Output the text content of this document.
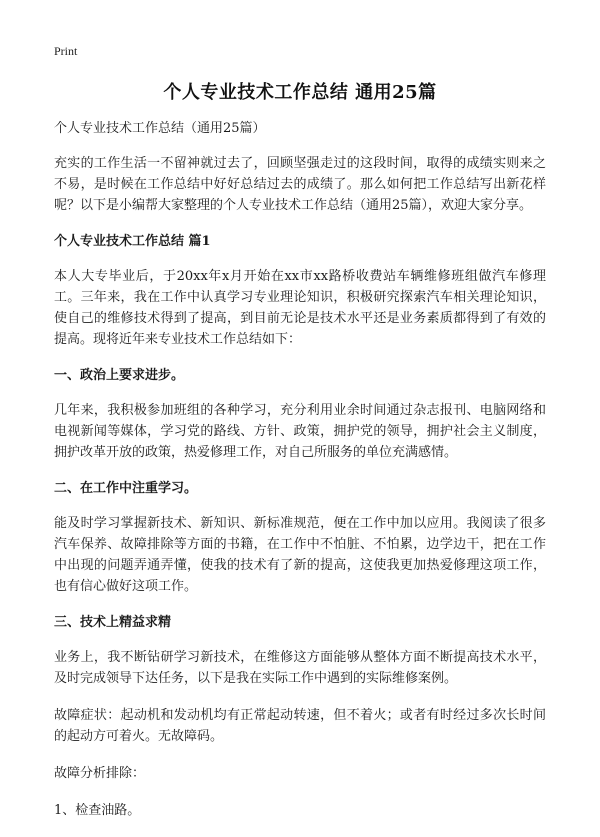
Print
个人专业技术工作总结 通用25篇

个人专业技术工作总结（通用25篇）

充实的工作生活一不留神就过去了，回顾坚强走过的这段时间，取得的成绩实则来之不易，是时候在工作总结中好好总结过去的成绩了。那么如何把工作总结写出新花样呢？以下是小编帮大家整理的个人专业技术工作总结（通用25篇），欢迎大家分享。

个人专业技术工作总结 篇1

本人大专毕业后，于20xx年x月开始在xx市xx路桥收费站车辆维修班组做汽车修理工。三年来，我在工作中认真学习专业理论知识，积极研究探索汽车相关理论知识，使自己的维修技术得到了提高，到目前无论是技术水平还是业务素质都得到了有效的提高。现将近年来专业技术工作总结如下：

一、政治上要求进步。

几年来，我积极参加班组的各种学习，充分利用业余时间通过杂志报刊、电脑网络和电视新闻等媒体，学习党的路线、方针、政策，拥护党的领导，拥护社会主义制度，拥护改革开放的政策，热爱修理工作，对自己所服务的单位充满感情。

二、在工作中注重学习。

能及时学习掌握新技术、新知识、新标准规范，便在工作中加以应用。我阅读了很多汽车保养、故障排除等方面的书籍，在工作中不怕脏、不怕累，边学边干，把在工作中出现的问题弄通弄懂，使我的技术有了新的提高，这使我更加热爱修理这项工作，也有信心做好这项工作。

三、技术上精益求精

业务上，我不断钻研学习新技术，在维修这方面能够从整体方面不断提高技术水平，及时完成领导下达任务，以下是我在实际工作中遇到的实际维修案例。

故障症状：起动机和发动机均有正常起动转速，但不着火；或者有时经过多次长时间的起动方可着火。无故障码。

故障分析排除：

1、检查油路。
